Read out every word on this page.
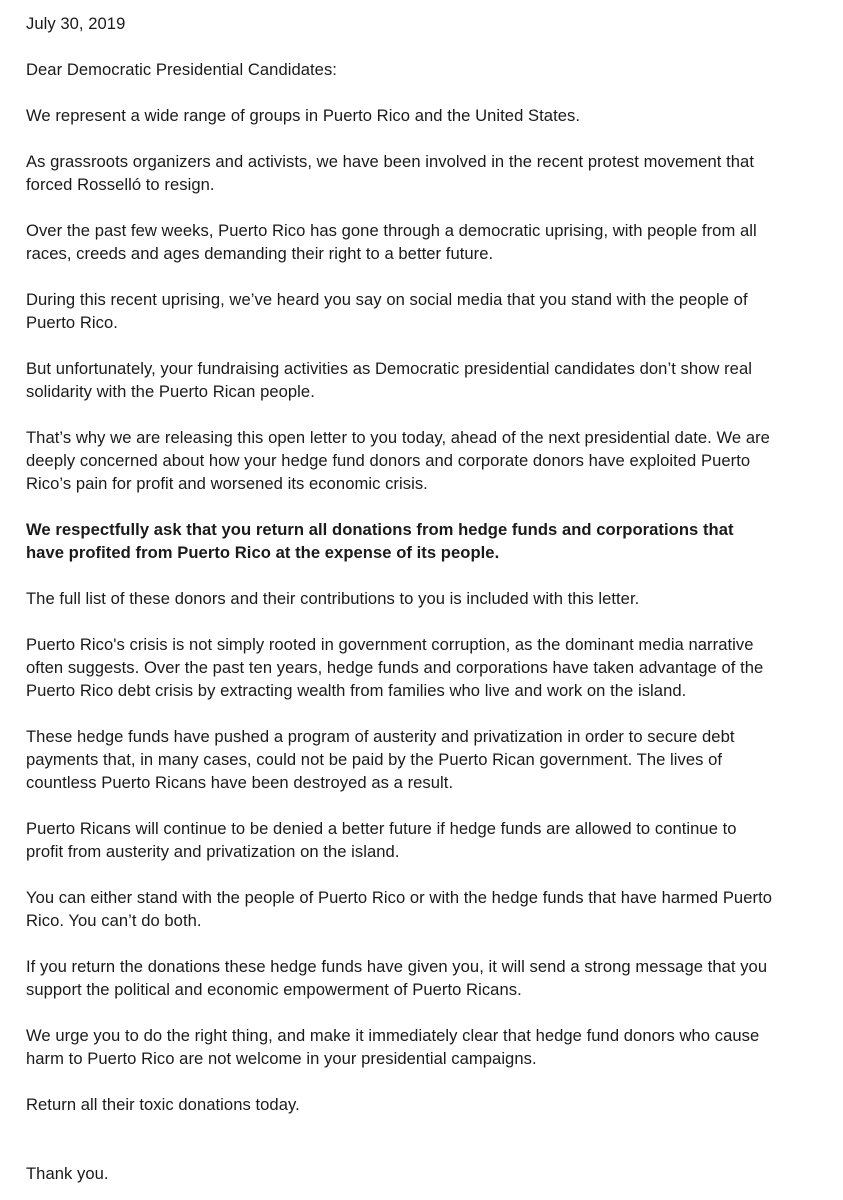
July 30, 2019

Dear Democratic Presidential Candidates:

We represent a wide range of groups in Puerto Rico and the United States.

As grassroots organizers and activists, we have been involved in the recent protest movement that

forced Rosselló to resign.

Over the past few weeks, Puerto Rico has gone through a democratic uprising, with people from all

races, creeds and ages demanding their right to a better future.

During this recent uprising, we’ve heard you say on social media that you stand with the people of

Puerto Rico.

But unfortunately, your fundraising activities as Democratic presidential candidates don’t show real

solidarity with the Puerto Rican people.

That’s why we are releasing this open letter to you today, ahead of the next presidential date. We are

deeply concerned about how your hedge fund donors and corporate donors have exploited Puerto

Rico’s pain for profit and worsened its economic crisis.

We respectfully ask that you return all donations from hedge funds and corporations that

have profited from Puerto Rico at the expense of its people.

The full list of these donors and their contributions to you is included with this letter.

Puerto Rico's crisis is not simply rooted in government corruption, as the dominant media narrative

often suggests. Over the past ten years, hedge funds and corporations have taken advantage of the

Puerto Rico debt crisis by extracting wealth from families who live and work on the island.

These hedge funds have pushed a program of austerity and privatization in order to secure debt

payments that, in many cases, could not be paid by the Puerto Rican government. The lives of

countless Puerto Ricans have been destroyed as a result.

Puerto Ricans will continue to be denied a better future if hedge funds are allowed to continue to

profit from austerity and privatization on the island.

You can either stand with the people of Puerto Rico or with the hedge funds that have harmed Puerto

Rico. You can’t do both.

If you return the donations these hedge funds have given you, it will send a strong message that you

support the political and economic empowerment of Puerto Ricans.

We urge you to do the right thing, and make it immediately clear that hedge fund donors who cause

harm to Puerto Rico are not welcome in your presidential campaigns.

Return all their toxic donations today.

Thank you.
